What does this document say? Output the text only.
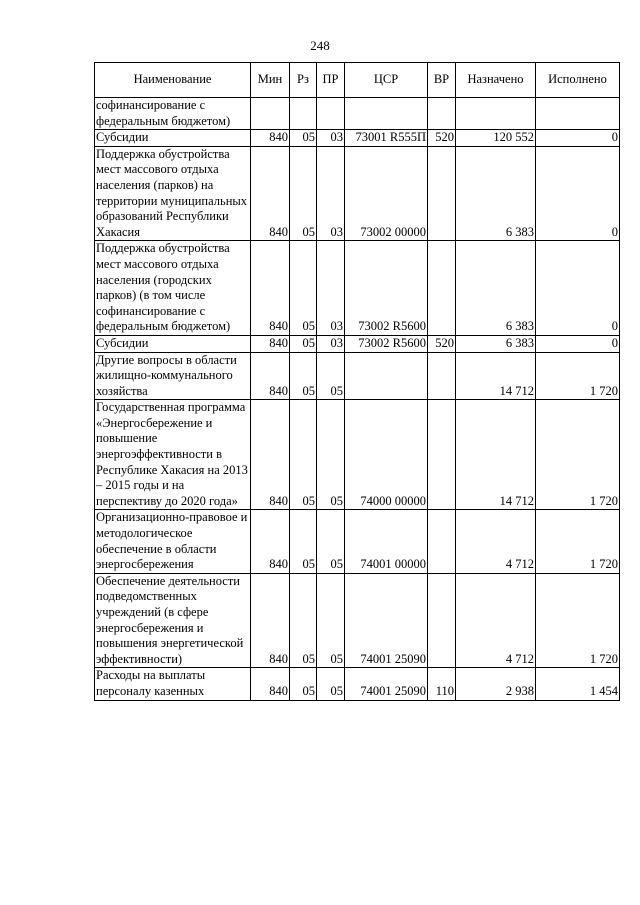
248
Наименование	Мин	Рз	ПР	ЦСР	ВР	Назначено	Исполнено
софинансирование с федеральным бюджетом)							
Субсидии	840	05	03	73001 R555П	520	120 552	0
Поддержка обустройства мест массового отдыха населения (парков) на территории муниципальных образований Республики Хакасия	840	05	03	73002 00000		6 383	0
Поддержка обустройства мест массового отдыха населения (городских парков) (в том числе софинансирование с федеральным бюджетом)	840	05	03	73002 R5600		6 383	0
Субсидии	840	05	03	73002 R5600	520	6 383	0
Другие вопросы в области жилищно-коммунального хозяйства	840	05	05			14 712	1 720
Государственная программа «Энергосбережение и повышение энергоэффективности в Республике Хакасия на 2013 – 2015 годы и на перспективу до 2020 года»	840	05	05	74000 00000		14 712	1 720
Организационно-правовое и методологическое обеспечение в области энергосбережения	840	05	05	74001 00000		4 712	1 720
Обеспечение деятельности подведомственных учреждений (в сфере энергосбережения и повышения энергетической эффективности)	840	05	05	74001 25090		4 712	1 720
Расходы на выплаты персоналу казенных	840	05	05	74001 25090	110	2 938	1 454
